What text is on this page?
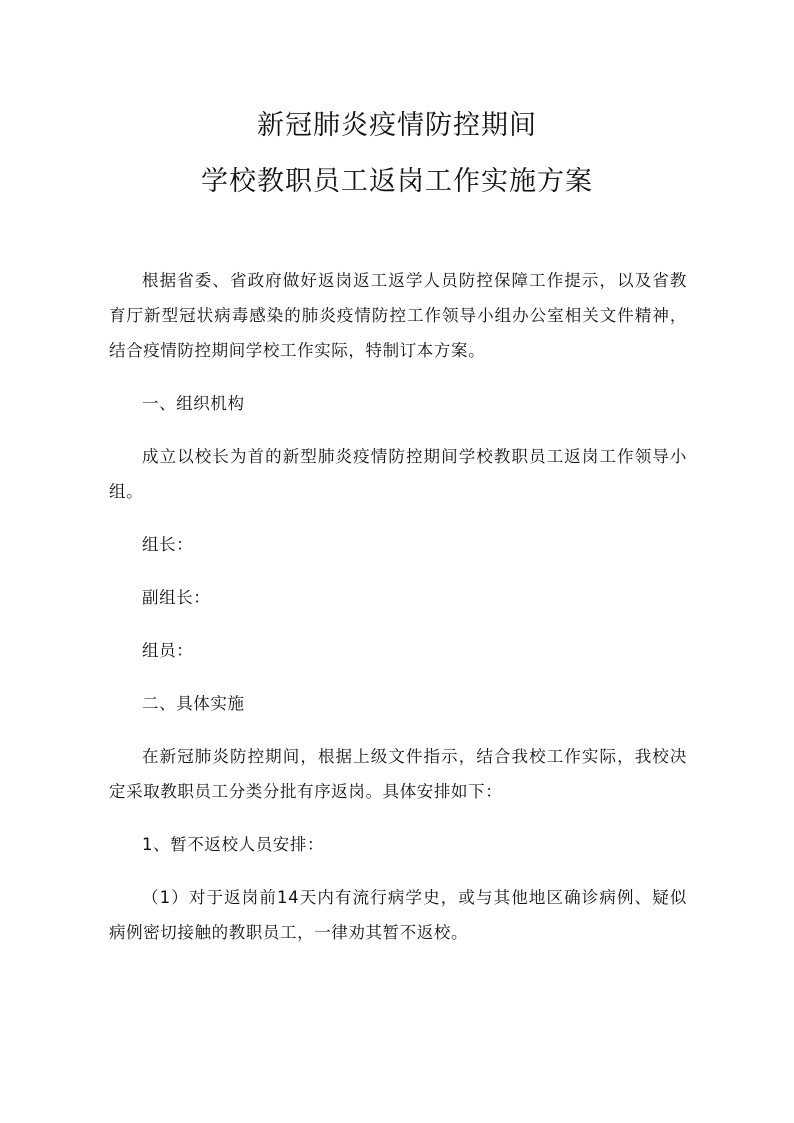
新冠肺炎疫情防控期间
学校教职员工返岗工作实施方案

根据省委、省政府做好返岗返工返学人员防控保障工作提示，以及省教育厅新型冠状病毒感染的肺炎疫情防控工作领导小组办公室相关文件精神，结合疫情防控期间学校工作实际，特制订本方案。

一、组织机构

成立以校长为首的新型肺炎疫情防控期间学校教职员工返岗工作领导小组。

组长：

副组长：

组员：

二、具体实施

在新冠肺炎防控期间，根据上级文件指示，结合我校工作实际，我校决定采取教职员工分类分批有序返岗。具体安排如下：

1、暂不返校人员安排：

（1）对于返岗前14天内有流行病学史，或与其他地区确诊病例、疑似病例密切接触的教职员工，一律劝其暂不返校。
